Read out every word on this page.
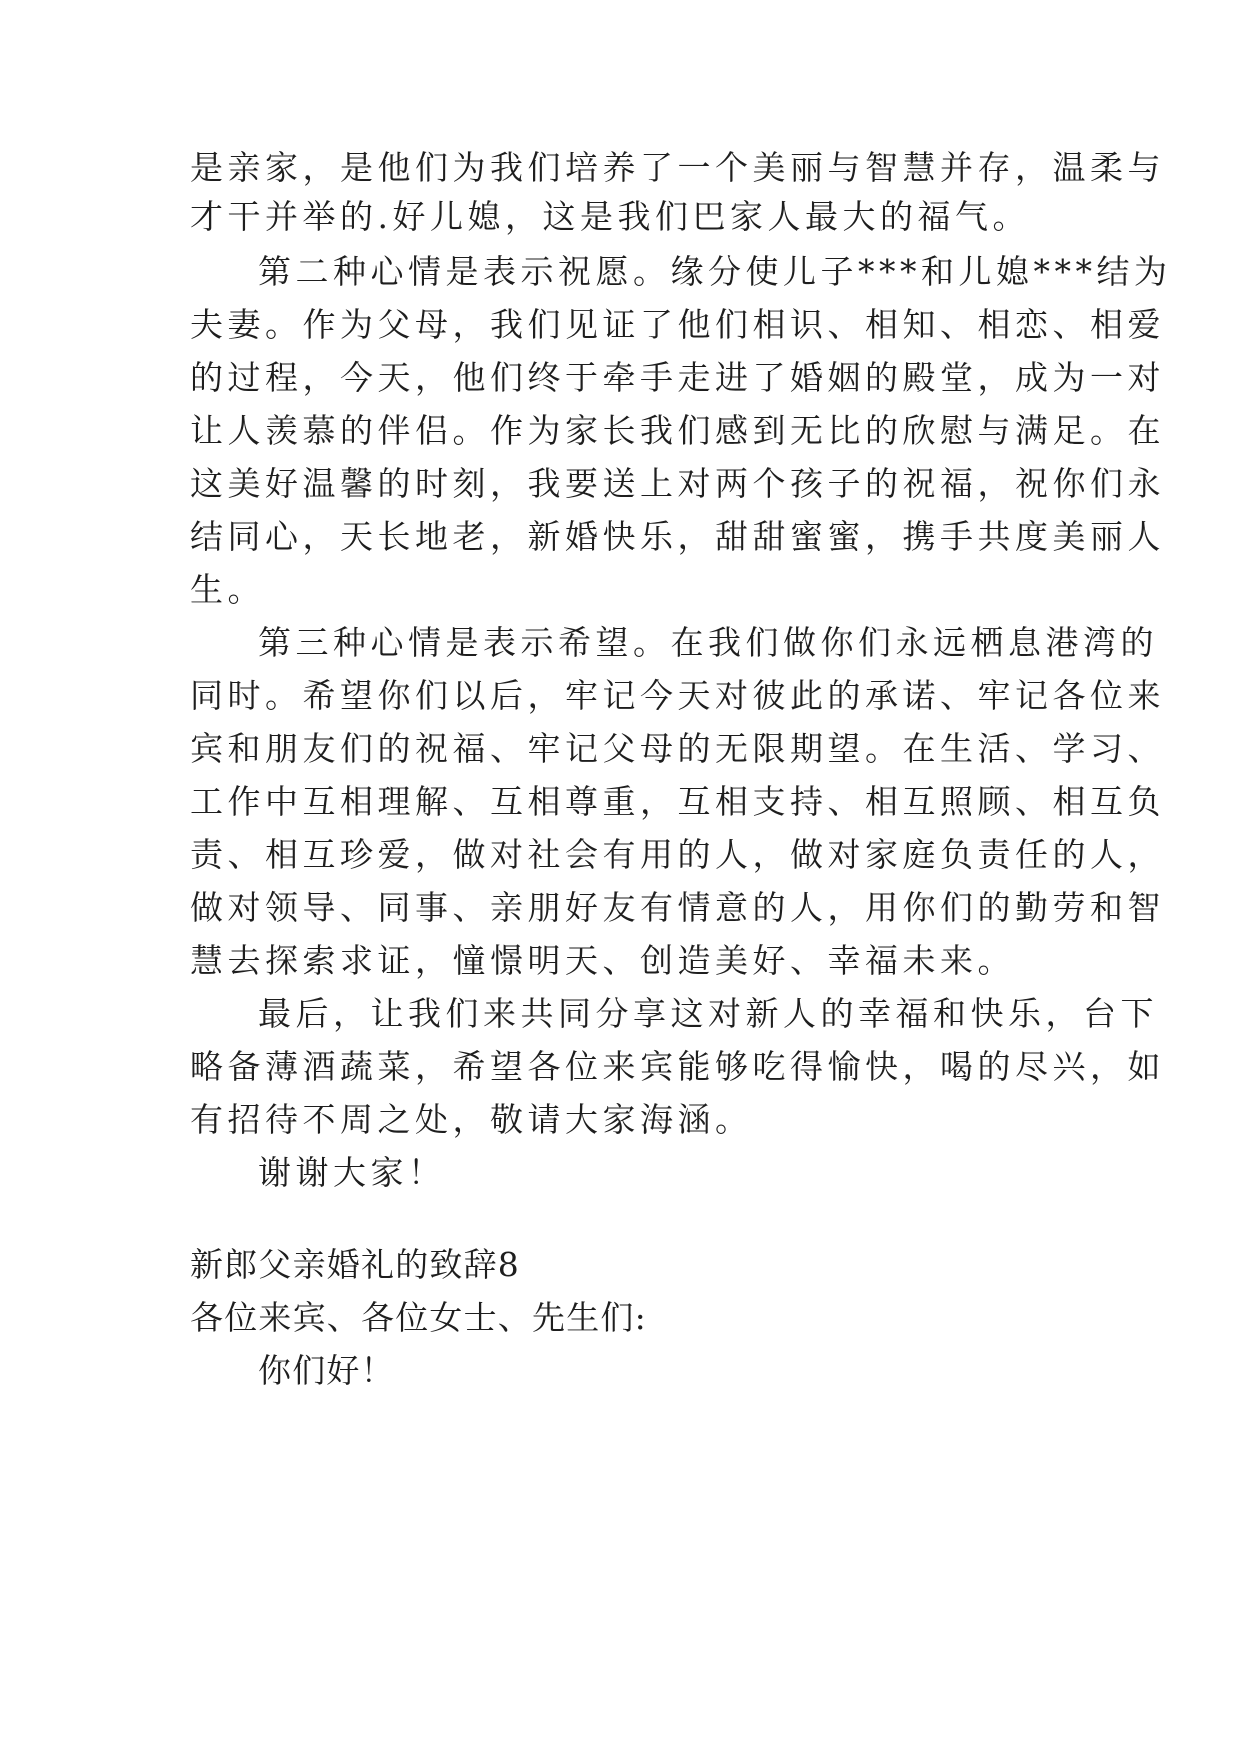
是亲家，是他们为我们培养了一个美丽与智慧并存，温柔与
才干并举的.好儿媳，这是我们巴家人最大的福气。
第二种心情是表示祝愿。缘分使儿子***和儿媳***结为
夫妻。作为父母，我们见证了他们相识、相知、相恋、相爱
的过程，今天，他们终于牵手走进了婚姻的殿堂，成为一对
让人羡慕的伴侣。作为家长我们感到无比的欣慰与满足。在
这美好温馨的时刻，我要送上对两个孩子的祝福，祝你们永
结同心，天长地老，新婚快乐，甜甜蜜蜜，携手共度美丽人
生。
第三种心情是表示希望。在我们做你们永远栖息港湾的
同时。希望你们以后，牢记今天对彼此的承诺、牢记各位来
宾和朋友们的祝福、牢记父母的无限期望。在生活、学习、
工作中互相理解、互相尊重，互相支持、相互照顾、相互负
责、相互珍爱，做对社会有用的人，做对家庭负责任的人，
做对领导、同事、亲朋好友有情意的人，用你们的勤劳和智
慧去探索求证，憧憬明天、创造美好、幸福未来。
最后，让我们来共同分享这对新人的幸福和快乐，台下
略备薄酒蔬菜，希望各位来宾能够吃得愉快，喝的尽兴，如
有招待不周之处，敬请大家海涵。
谢谢大家！
新郎父亲婚礼的致辞8
各位来宾、各位女士、先生们:
你们好！
